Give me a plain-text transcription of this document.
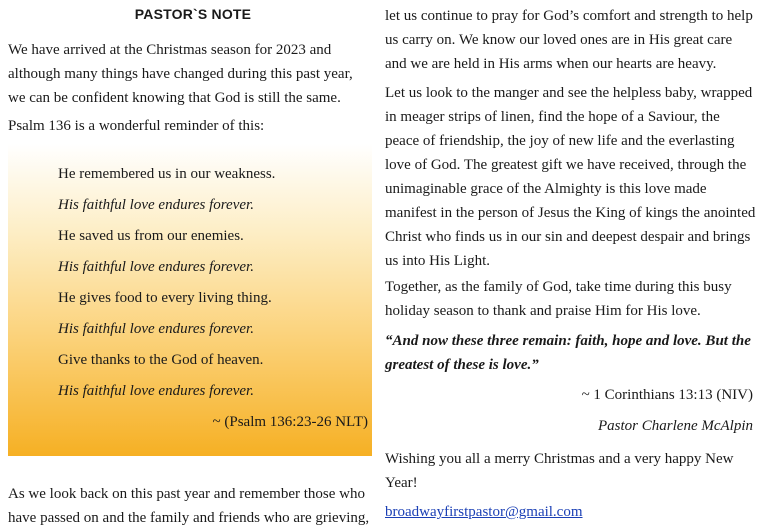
PASTOR`S NOTE

We have arrived at the Christmas season for 2023 and although many things have changed during this past year, we can be confident knowing that God is still the same.

Psalm 136 is a wonderful reminder of this:

He remembered us in our weakness.
His faithful love endures forever.
He saved us from our enemies.
His faithful love endures forever.
He gives food to every living thing.
His faithful love endures forever.
Give thanks to the God of heaven.
His faithful love endures forever.
~ (Psalm 136:23-26 NLT)

As we look back on this past year and remember those who have passed on and the family and friends who are grieving,

let us continue to pray for God’s comfort and strength to help us carry on. We know our loved ones are in His great care and we are held in His arms when our hearts are heavy.

Let us look to the manger and see the helpless baby, wrapped in meager strips of linen, find the hope of a Saviour, the peace of friendship, the joy of new life and the everlasting love of God. The greatest gift we have received, through the unimaginable grace of the Almighty is this love made manifest in the person of Jesus the King of kings the anointed Christ who finds us in our sin and deepest despair and brings us into His Light.

Together, as the family of God, take time during this busy holiday season to thank and praise Him for His love.

“And now these three remain: faith, hope and love. But the greatest of these is love.”

~ 1 Corinthians 13:13 (NIV)

Pastor Charlene McAlpin

Wishing you all a merry Christmas and a very happy New Year!

broadwayfirstpastor@gmail.com
